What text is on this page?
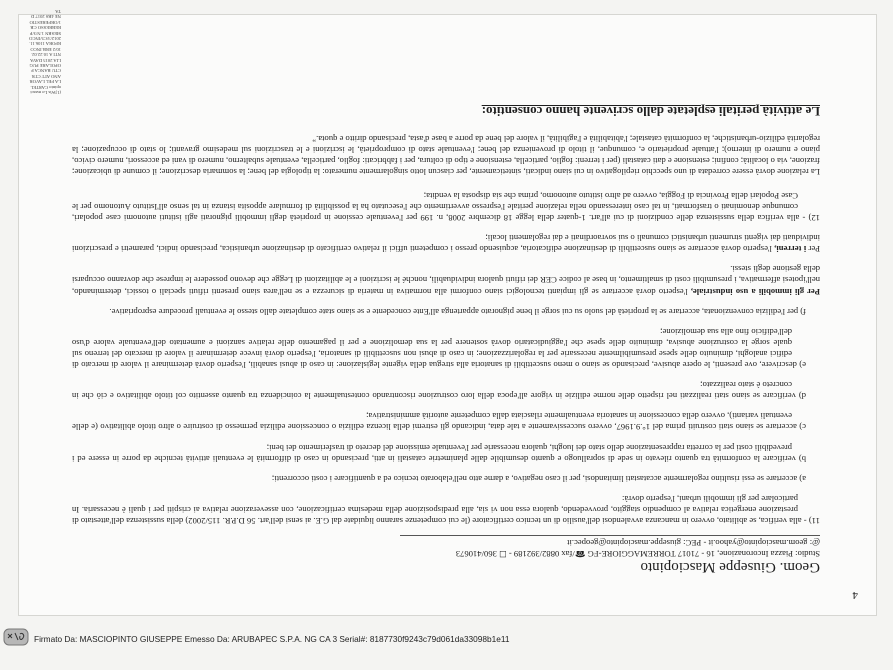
4
(1)Wis Lo masciopinto CARTELLA PEL LAVORANO ATT CTR CTU BANCA POPOLARE PUGLIA 2015 DAVANTI A 10.22.02.10/2 ERB.INCORPORA 1106.11.2012/3/C5/INCOMESBN 1.N/3/PREBRESSO CB1/ORPERESTIONE 4BS 2017 DTA
Geom. Giuseppe Masciopinto
Studio: Piazza Incoronazione, 16 - 71017 TORREMAGGIORE-FG ☎/fax 0882/392189 - ☐ 360/410673
@: geom.masciopinto@yahoo.it - PEC: giuseppe.masciopinto@geopec.it

11) - alla verifica, se abilitato, ovvero in mancanza avvalendosi dell'ausilio di un tecnico certificatore (le cui competenze saranno liquidate dal G.E. ai sensi dell'art. 56 D.P.R. 115/2002) della sussistenza dell'attestato di prestazione energetica relativa al compendio staggito, provvedendo, qualora essa non vi sia, alla predisposizione della medesima certificazione, con asseverazione relativa ai crispiti per i quali è necessaria. In particolare per gli immobili urbani, l'esperto dovrà:

a) accertare se essi risultino regolarmente accatastati limitandosi, per il caso negativo, a darne atto nell'elaborato tecnico ed a quantificare i costi occorrenti;

b) verificare la conformità tra quanto rilevato in sede di sopralluogo e quanto desumibile dalle planimetrie catastali in atti, precisando in caso di difformità le eventuali attività tecniche da porre in essere ed i prevedibili costi per la corretta rappresentazione dello stato dei luoghi, qualora necessarie per l'eventuale emissione del decreto di trasferimento dei beni;

c) accertare se siano stati costruiti prima del 1°.9.1967, ovvero successivamente a tale data, indicando gli estremi della licenza edilizia o concessione edilizia permesso di costruire o altro titolo abilitativo (e delle eventuali varianti), ovvero della concessione in sanatoria eventualmente rilasciata dalla competente autorità amministrativa;

d) verificare se siano stati realizzati nel rispetto delle norme edilizie in vigore all'epoca della loro costruzione riscontrando contestualmente la coincidenza tra quanto assentito col titolo abilitativo e ciò che in concreto è stato realizzato;

e) descrivere, ove presenti, le opere abusive, precisando se siano o meno suscettibili di sanatoria alla stregua della vigente legislazione: in caso di abusi sanabili, l'esperto dovrà determinare il valore di mercato di edifici analoghi, diminuito delle spese presumibilmente necessarie per la regolarizzazione; in caso di abusi non suscettibili di sanatoria, l'esperto dovrà invece determinare il valore di mercato del terreno sul quale sorge la costruzione abusiva, diminuito delle spese che l'aggiudicatario dovrà sostenere per la sua demolizione e per il pagamento delle relative sanzioni e aumentato dell'eventuale valore d'uso dell'edificio fino alla sua demolizione;

f) per l'edilizia convenzionata, accertare se la proprietà del suolo su cui sorge il bene pignorato appartenga all'Ente concedente e se siano state completate dallo stesso le eventuali procedure espropriative.

Per gli immobili a uso industriale, l'esperto dovrà accertare se gli impianti tecnologici siano conformi alla normativa in materia di sicurezza e se nell'area siano presenti rifiuti speciali o tossici, determinando, nell'ipotesi affermativa, i presumibili costi di smaltimento, in base al codice CER dei rifiuti qualora individuabili, nonché le iscrizioni e le abilitazioni di Legge che devono possedere le imprese che dovranno occuparsi della gestione degli stessi.

Per i terreni, l'esperto dovrà accertare se siano suscettibili di destinazione edificatoria, acquisendo presso i competenti uffici il relativo certificato di destinazione urbanistica, precisando indici, parametri e prescrizioni individuati dai vigenti strumenti urbanistici comunali o sui sovraordinati e dai regolamenti locali;

12) - alla verifica della sussistenza delle condizioni di cui all'art. 1-quater della legge 18 dicembre 2008, n. 199 per l'eventuale cessione in proprietà degli immobili pignorati agli istituti autonomi case popolari, comunque denominati o trasformati, in tal caso interessando nella relazione peritale l'espresso avvertimento che l'esecutato ha la possibilità di formulare apposita istanza in tal senso all'Istituto Autonomo per le Case Popolari della Provincia di Foggia, ovvero ad altro istituto autonomo, prima che sia disposta la vendita;

La relazione dovrà essere corredata di uno specchio riepilogativo in cui siano indicati, sinteticamente, per ciascun lotto singolarmente numerato: la tipologia del bene; la sommaria descrizione; il comune di ubicazione; frazione, via o località; confini; estensione e dati catastali (per i terreni: foglio, particella, estensione e tipo di coltura, per i fabbricati: foglio, particella, eventuale subalterno, numero di vani ed accessori, numero civico, piano e numero di interno); l'attuale proprietario e, comunque, il titolo di provenienza del bene; l'eventuale stato di comproprietà, le iscrizioni e le trascrizioni sul medesimo gravanti; lo stato di occupazione; la regolarità edilizio-urbanistiche, la conformità catastale; l'abitabilità e l'agibilità, il valore del bene da porre a base d'asta, precisando diritto e quota.”

Le attività peritali espletate dallo scrivente hanno consentito:

Firmato Da: MASCIOPINTO GIUSEPPE Emesso Da: ARUBAPEC S.P.A. NG CA 3 Serial#: 8187730f9243c79d061da33098b1e11
